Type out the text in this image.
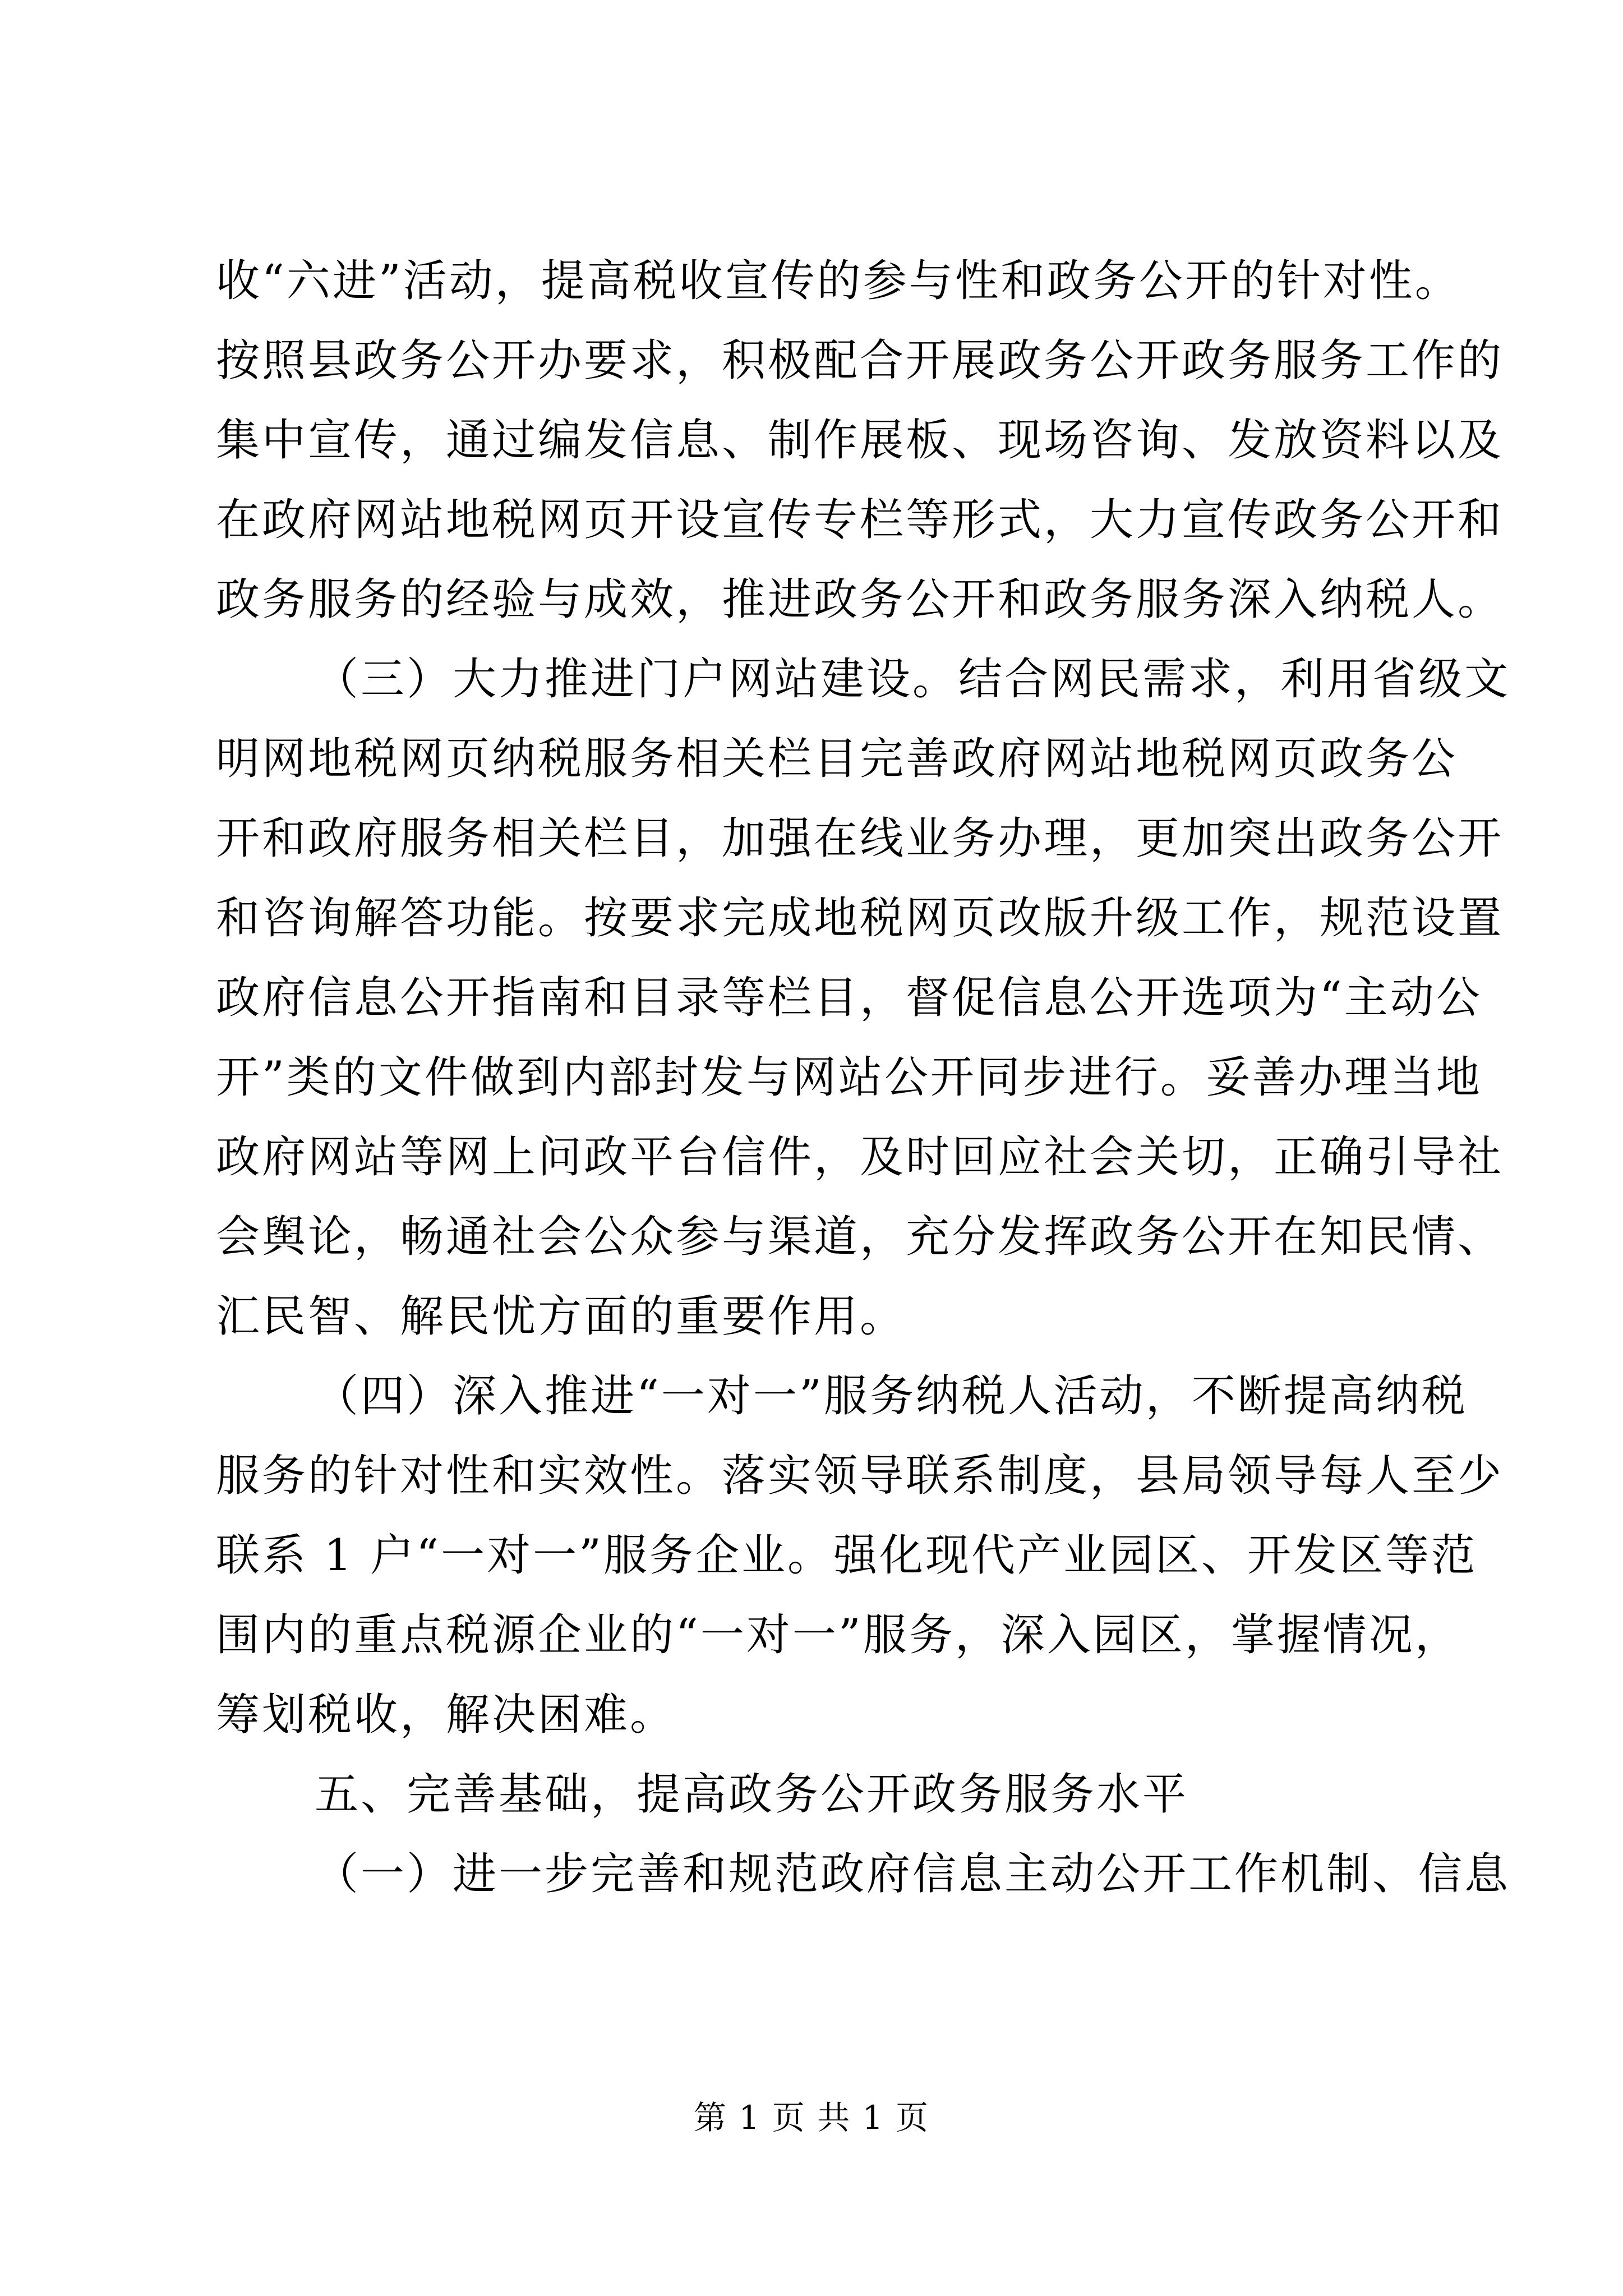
收“六进”活动，提高税收宣传的参与性和政务公开的针对性。
按照县政务公开办要求，积极配合开展政务公开政务服务工作的
集中宣传，通过编发信息、制作展板、现场咨询、发放资料以及
在政府网站地税网页开设宣传专栏等形式，大力宣传政务公开和
政务服务的经验与成效，推进政务公开和政务服务深入纳税人。
（三）大力推进门户网站建设。结合网民需求，利用省级文
明网地税网页纳税服务相关栏目完善政府网站地税网页政务公
开和政府服务相关栏目，加强在线业务办理，更加突出政务公开
和咨询解答功能。按要求完成地税网页改版升级工作，规范设置
政府信息公开指南和目录等栏目，督促信息公开选项为“主动公
开”类的文件做到内部封发与网站公开同步进行。妥善办理当地
政府网站等网上问政平台信件，及时回应社会关切，正确引导社
会舆论，畅通社会公众参与渠道，充分发挥政务公开在知民情、
汇民智、解民忧方面的重要作用。
（四）深入推进“一对一”服务纳税人活动，不断提高纳税
服务的针对性和实效性。落实领导联系制度，县局领导每人至少
联系 1 户“一对一”服务企业。强化现代产业园区、开发区等范
围内的重点税源企业的“一对一”服务，深入园区，掌握情况，
筹划税收，解决困难。
五、完善基础，提高政务公开政务服务水平
（一）进一步完善和规范政府信息主动公开工作机制、信息
第 1 页 共 1 页
